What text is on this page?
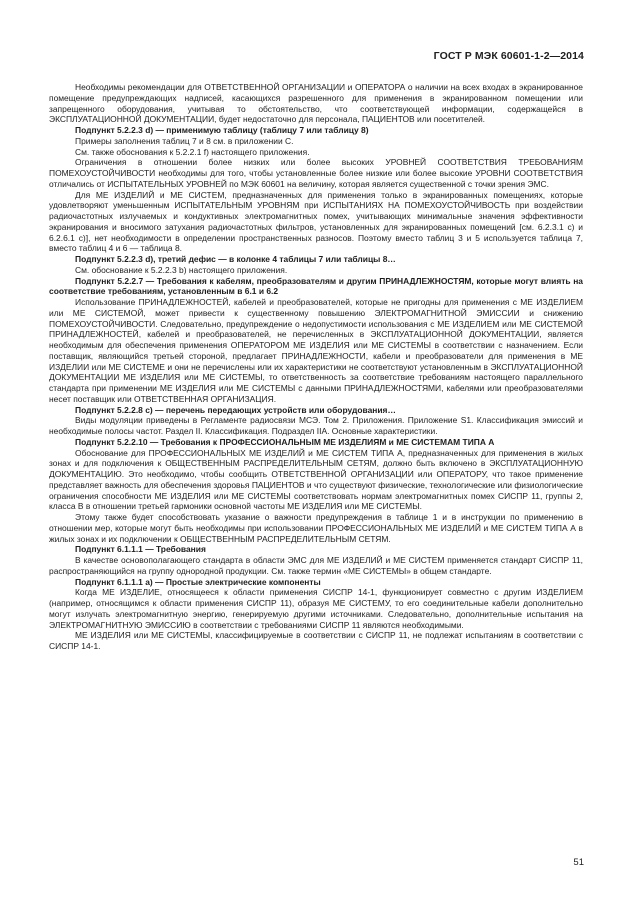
ГОСТ Р МЭК 60601-1-2—2014

Необходимы рекомендации для ОТВЕТСТВЕННОЙ ОРГАНИЗАЦИИ и ОПЕРАТОРА о наличии на всех входах в экранированное помещение предупреждающих надписей, касающихся разрешенного для применения в экранированном помещении или запрещенного оборудования, учитывая то обстоятельство, что соответствующей информации, содержащейся в ЭКСПЛУАТАЦИОННОЙ ДОКУМЕНТАЦИИ, будет недостаточно для персонала, ПАЦИЕНТОВ или посетителей.

Подпункт 5.2.2.3 d) — применимую таблицу (таблицу 7 или таблицу 8)

Примеры заполнения таблиц 7 и 8 см. в приложении С.

См. также обоснования к 5.2.2.1 f) настоящего приложения.

Ограничения в отношении более низких или более высоких УРОВНЕЙ СООТВЕТСТВИЯ ТРЕБОВАНИЯМ ПОМЕХОУСТОЙЧИВОСТИ необходимы для того, чтобы установленные более низкие или более высокие УРОВНИ СООТВЕТСТВИЯ отличались от ИСПЫТАТЕЛЬНЫХ УРОВНЕЙ по МЭК 60601 на величину, которая является существенной с точки зрения ЭМС.

Для МЕ ИЗДЕЛИЙ и МЕ СИСТЕМ, предназначенных для применения только в экранированных помещениях, которые удовлетворяют уменьшенным ИСПЫТАТЕЛЬНЫМ УРОВНЯМ при ИСПЫТАНИЯХ НА ПОМЕХОУСТОЙЧИВОСТЬ при воздействии радиочастотных излучаемых и кондуктивных электромагнитных помех, учитывающих минимальные значения эффективности экранирования и вносимого затухания радиочастотных фильтров, установленных для экранированных помещений [см. 6.2.3.1 с) и 6.2.6.1 с)], нет необходимости в определении пространственных разносов. Поэтому вместо таблиц 3 и 5 используется таблица 7, вместо таблиц 4 и 6 — таблица 8.

Подпункт 5.2.2.3 d), третий дефис — в колонке 4 таблицы 7 или таблицы 8…

См. обоснование к 5.2.2.3 b) настоящего приложения.

Подпункт 5.2.2.7 — Требования к кабелям, преобразователям и другим ПРИНАДЛЕЖНОСТЯМ, которые могут влиять на соответствие требованиям, установленным в 6.1 и 6.2

Использование ПРИНАДЛЕЖНОСТЕЙ, кабелей и преобразователей, которые не пригодны для применения с МЕ ИЗДЕЛИЕМ или МЕ СИСТЕМОЙ, может привести к существенному повышению ЭЛЕКТРОМАГНИТНОЙ ЭМИССИИ и снижению ПОМЕХОУСТОЙЧИВОСТИ. Следовательно, предупреждение о недопустимости использования с МЕ ИЗДЕЛИЕМ или МЕ СИСТЕМОЙ ПРИНАДЛЕЖНОСТЕЙ, кабелей и преобразователей, не перечисленных в ЭКСПЛУАТАЦИОННОЙ ДОКУМЕНТАЦИИ, является необходимым для обеспечения применения ОПЕРАТОРОМ МЕ ИЗДЕЛИЯ или МЕ СИСТЕМЫ в соответствии с назначением. Если поставщик, являющийся третьей стороной, предлагает ПРИНАДЛЕЖНОСТИ, кабели и преобразователи для применения в МЕ ИЗДЕЛИИ или МЕ СИСТЕМЕ и они не перечислены или их характеристики не соответствуют установленным в ЭКСПЛУАТАЦИОННОЙ ДОКУМЕНТАЦИИ МЕ ИЗДЕЛИЯ или МЕ СИСТЕМЫ, то ответственность за соответствие требованиям настоящего параллельного стандарта при применении МЕ ИЗДЕЛИЯ или МЕ СИСТЕМЫ с данными ПРИНАДЛЕЖНОСТЯМИ, кабелями или преобразователями несет поставщик или ОТВЕТСТВЕННАЯ ОРГАНИЗАЦИЯ.

Подпункт 5.2.2.8 с) — перечень передающих устройств или оборудования…

Виды модуляции приведены в Регламенте радиосвязи МСЭ. Том 2. Приложения. Приложение S1. Классификация эмиссий и необходимые полосы частот. Раздел II. Классификация. Подраздел IIA. Основные характеристики.

Подпункт 5.2.2.10 — Требования к ПРОФЕССИОНАЛЬНЫМ МЕ ИЗДЕЛИЯМ и МЕ СИСТЕМАМ ТИПА А

Обоснование для ПРОФЕССИОНАЛЬНЫХ МЕ ИЗДЕЛИЙ и МЕ СИСТЕМ ТИПА А, предназначенных для применения в жилых зонах и для подключения к ОБЩЕСТВЕННЫМ РАСПРЕДЕЛИТЕЛЬНЫМ СЕТЯМ, должно быть включено в ЭКСПЛУАТАЦИОННУЮ ДОКУМЕНТАЦИЮ. Это необходимо, чтобы сообщить ОТВЕТСТВЕННОЙ ОРГАНИЗАЦИИ или ОПЕРАТОРУ, что такое применение представляет важность для обеспечения здоровья ПАЦИЕНТОВ и что существуют физические, технологические или физиологические ограничения способности МЕ ИЗДЕЛИЯ или МЕ СИСТЕМЫ соответствовать нормам электромагнитных помех СИСПР 11, группы 2, класса В в отношении третьей гармоники основной частоты МЕ ИЗДЕЛИЯ или МЕ СИСТЕМЫ.

Этому также будет способствовать указание о важности предупреждения в таблице 1 и в инструкции по применению в отношении мер, которые могут быть необходимы при использовании ПРОФЕССИОНАЛЬНЫХ МЕ ИЗДЕЛИЙ и МЕ СИСТЕМ ТИПА А в жилых зонах и их подключении к ОБЩЕСТВЕННЫМ РАСПРЕДЕЛИТЕЛЬНЫМ СЕТЯМ.

Подпункт 6.1.1.1 — Требования

В качестве основополагающего стандарта в области ЭМС для МЕ ИЗДЕЛИЙ и МЕ СИСТЕМ применяется стандарт СИСПР 11, распространяющийся на группу однородной продукции. См. также термин «МЕ СИСТЕМЫ» в общем стандарте.

Подпункт 6.1.1.1 а) — Простые электрические компоненты

Когда МЕ ИЗДЕЛИЕ, относящееся к области применения СИСПР 14-1, функционирует совместно с другим ИЗДЕЛИЕМ (например, относящимся к области применения СИСПР 11), образуя МЕ СИСТЕМУ, то его соединительные кабели дополнительно могут излучать электромагнитную энергию, генерируемую другими источниками. Следовательно, дополнительные испытания на ЭЛЕКТРОМАГНИТНУЮ ЭМИССИЮ в соответствии с требованиями СИСПР 11 являются необходимыми.

МЕ ИЗДЕЛИЯ или МЕ СИСТЕМЫ, классифицируемые в соответствии с СИСПР 11, не подлежат испытаниям в соответствии с СИСПР 14-1.

51
